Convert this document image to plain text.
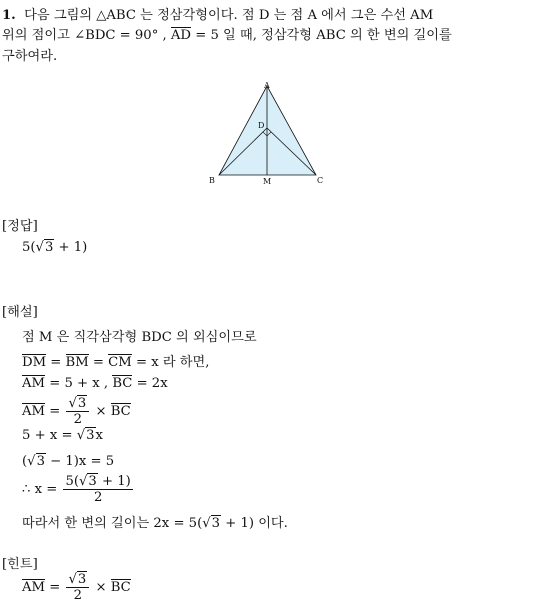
1. 다음 그림의 △ABC 는 정삼각형이다. 점 D 는 점 A 에서 그은 수선 AM
위의 점이고 ∠BDC = 90° , AD = 5 일 때, 정삼각형 ABC 의 한 변의 길이를
구하여라.
A
D
B	C
M
[정답]
5(√3 + 1)
[해설]
점 M 은 직각삼각형 BDC 의 외심이므로
DM = BM = CM = x 라 하면,
AM = 5 + x , BC = 2x
AM = $\frac{√3}{2}$ × BC
5 + x = √3x
(√3 − 1)x = 5
∴ $x = \frac{5(√3 + 1)}{2}$
따라서 한 변의 길이는 2x = 5(√3 + 1) 이다.
[힌트]
AM = $\frac{√3}{2}$ × BC
